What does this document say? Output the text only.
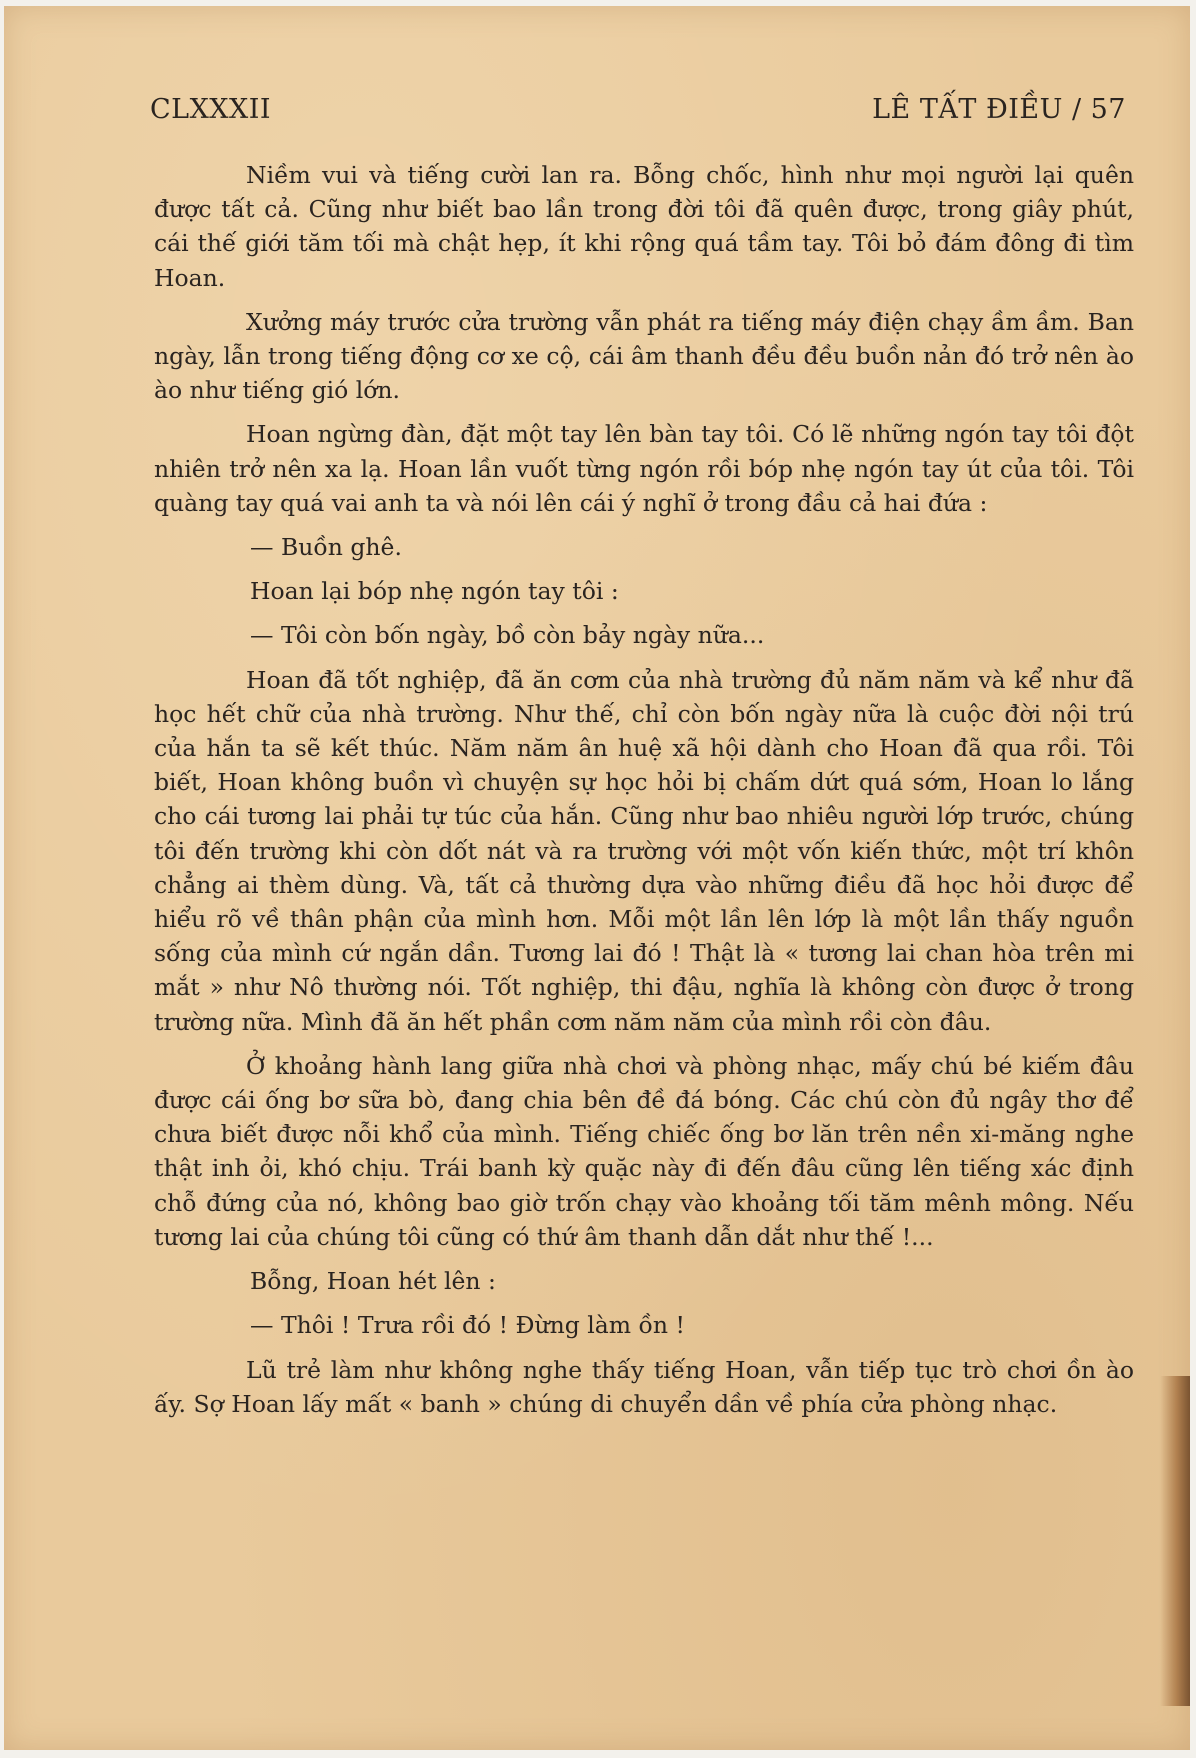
CLXXXII	LÊ TẤT ĐIỀU / 57

Niềm vui và tiếng cười lan ra. Bỗng chốc, hình như mọi người lại quên được tất cả. Cũng như biết bao lần trong đời tôi đã quên được, trong giây phút, cái thế giới tăm tối mà chật hẹp, ít khi rộng quá tầm tay. Tôi bỏ đám đông đi tìm Hoan.

Xưởng máy trước cửa trường vẫn phát ra tiếng máy điện chạy ầm ầm. Ban ngày, lẫn trong tiếng động cơ xe cộ, cái âm thanh đều đều buồn nản đó trở nên ào ào như tiếng gió lớn.

Hoan ngừng đàn, đặt một tay lên bàn tay tôi. Có lẽ những ngón tay tôi đột nhiên trở nên xa lạ. Hoan lần vuốt từng ngón rồi bóp nhẹ ngón tay út của tôi. Tôi quàng tay quá vai anh ta và nói lên cái ý nghĩ ở trong đầu cả hai đứa :

— Buồn ghê.

Hoan lại bóp nhẹ ngón tay tôi :

— Tôi còn bốn ngày, bồ còn bảy ngày nữa...

Hoan đã tốt nghiệp, đã ăn cơm của nhà trường đủ năm năm và kể như đã học hết chữ của nhà trường. Như thế, chỉ còn bốn ngày nữa là cuộc đời nội trú của hắn ta sẽ kết thúc. Năm năm ân huệ xã hội dành cho Hoan đã qua rồi. Tôi biết, Hoan không buồn vì chuyện sự học hỏi bị chấm dứt quá sớm, Hoan lo lắng cho cái tương lai phải tự túc của hắn. Cũng như bao nhiêu người lớp trước, chúng tôi đến trường khi còn dốt nát và ra trường với một vốn kiến thức, một trí khôn chẳng ai thèm dùng. Và, tất cả thường dựa vào những điều đã học hỏi được để hiểu rõ về thân phận của mình hơn. Mỗi một lần lên lớp là một lần thấy nguồn sống của mình cứ ngắn dần. Tương lai đó ! Thật là « tương lai chan hòa trên mi mắt » như Nô thường nói. Tốt nghiệp, thi đậu, nghĩa là không còn được ở trong trường nữa. Mình đã ăn hết phần cơm năm năm của mình rồi còn đâu.

Ở khoảng hành lang giữa nhà chơi và phòng nhạc, mấy chú bé kiếm đâu được cái ống bơ sữa bò, đang chia bên đề đá bóng. Các chú còn đủ ngây thơ để chưa biết được nỗi khổ của mình. Tiếng chiếc ống bơ lăn trên nền xi-măng nghe thật inh ỏi, khó chịu. Trái banh kỳ quặc này đi đến đâu cũng lên tiếng xác định chỗ đứng của nó, không bao giờ trốn chạy vào khoảng tối tăm mênh mông. Nếu tương lai của chúng tôi cũng có thứ âm thanh dẫn dắt như thế !...

Bỗng, Hoan hét lên :

— Thôi ! Trưa rồi đó ! Đừng làm ồn !

Lũ trẻ làm như không nghe thấy tiếng Hoan, vẫn tiếp tục trò chơi ồn ào ấy. Sợ Hoan lấy mất « banh » chúng di chuyển dần về phía cửa phòng nhạc.
